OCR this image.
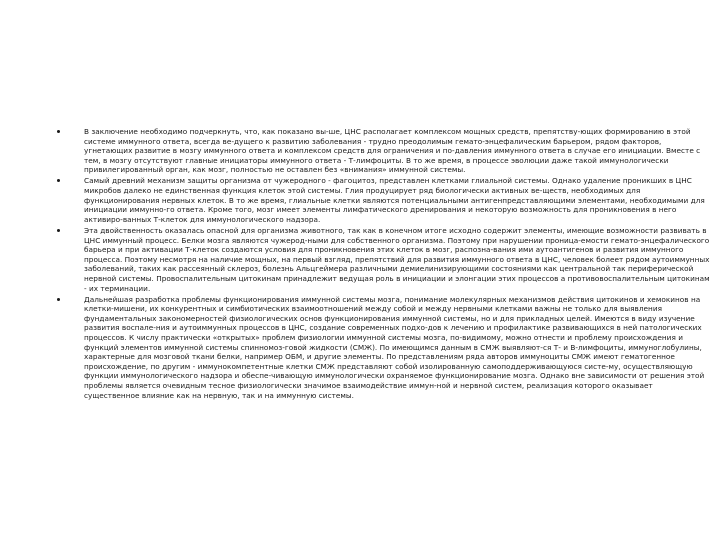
В заключение необходимо подчеркнуть, что, как показано вы-ше, ЦНС располагает комплексом мощных средств, препятству-ющих формированию в этой системе иммунного ответа, всегда ве-дущего к развитию заболевания - трудно преодолимым гемато-энцефалическим барьером, рядом факторов, угнетающих развитие в мозгу иммунного ответа и комплексом средств для ограничения и по-давления иммунного ответа в случае его инициации. Вместе с тем, в мозгу отсутствуют главные инициаторы иммунного ответа - Т-лимфоциты. В то же время, в процессе эволюции даже такой иммунологически привилегированный орган, как мозг, полностью не оставлен без «внимания» иммунной системы.
Самый древний механизм защиты организма от чужеродного - фагоцитоз, представлен клетками глиальной системы. Однако удаление проникших в ЦНС микробов далеко не единственная функция клеток этой системы. Глия продуцирует ряд биологически активных ве-ществ, необходимых для функционирования нервных клеток. В то же время, глиальные клетки являются потенциальными антигенпредставляющими элементами, необходимыми для инициации иммунно-го ответа. Кроме того, мозг имеет элементы лимфатического дренирования и некоторую возможность для проникновения в него активиро-ванных Т-клеток для иммунологического надзора.
Эта двойственность оказалась опасной для организма животного, так как в конечном итоге исходно содержит элементы, имеющие возможности развивать в ЦНС иммунный процесс. Белки мозга являются чужерод-ными для собственного организма. Поэтому при нарушении проница-емости гемато-энцефалического барьера и при активации Т-клеток создаются условия для проникновения этих клеток в мозг, распозна-вания ими аутоантигенов и развития иммунного процесса. Поэтому несмотря на наличие мощных, на первый взгляд, препятствий для развития иммунного ответа в ЦНС, человек болеет рядом аутоиммунных заболеваний, таких как рассеянный склероз, болезнь Альцгеймера различными демиелинизирующими состояниями как центральной так периферической нервной системы. Провоспалительным цитокинам принадлежит ведущая роль в инициации и элонгации этих процессов а противовоспалительным цитокинам - их терминации.
Дальнейшая разработка проблемы функционирования иммунной системы мозга, понимание молекулярных механизмов действия цитокинов и хемокинов на клетки-мишени, их конкурентных и симбиотических взаимоотношений между собой и между нервными клетками важны не только для выявления фундаментальных закономерностей физиологических основ функционирования иммунной системы, но и для прикладных целей. Имеются в виду изучение развития воспале-ния и аутоиммунных процессов в ЦНС, создание современных подхо-дов к лечению и профилактике развивающихся в ней патологических процессов. К числу практически «открытых» проблем физиологии иммунной системы мозга, по-видимому, можно отнести и проблему происхождения и функций элементов иммунной системы спинномоз-говой жидкости (СМЖ). По имеющимся данным в СМЖ выявляют-ся Т- и В-лимфоциты, иммуноглобулины, характерные для мозговой ткани белки, например ОБМ, и другие элементы. По представлениям ряда авторов иммуноциты СМЖ имеют гематогенное происхождение, по другим - иммунокомпетентные клетки СМЖ представляют собой изолированную самоподдерживающуюся систе-му, осуществляющую функции иммунологического надзора и обеспе-чивающую иммунологически охраняемое функционирование мозга. Однако вне зависимости от решения этой проблемы является очевидным тесное физиологически значимое взаимодействие иммун-ной и нервной систем, реализация которого оказывает существенное влияние как на нервную, так и на иммунную системы.
